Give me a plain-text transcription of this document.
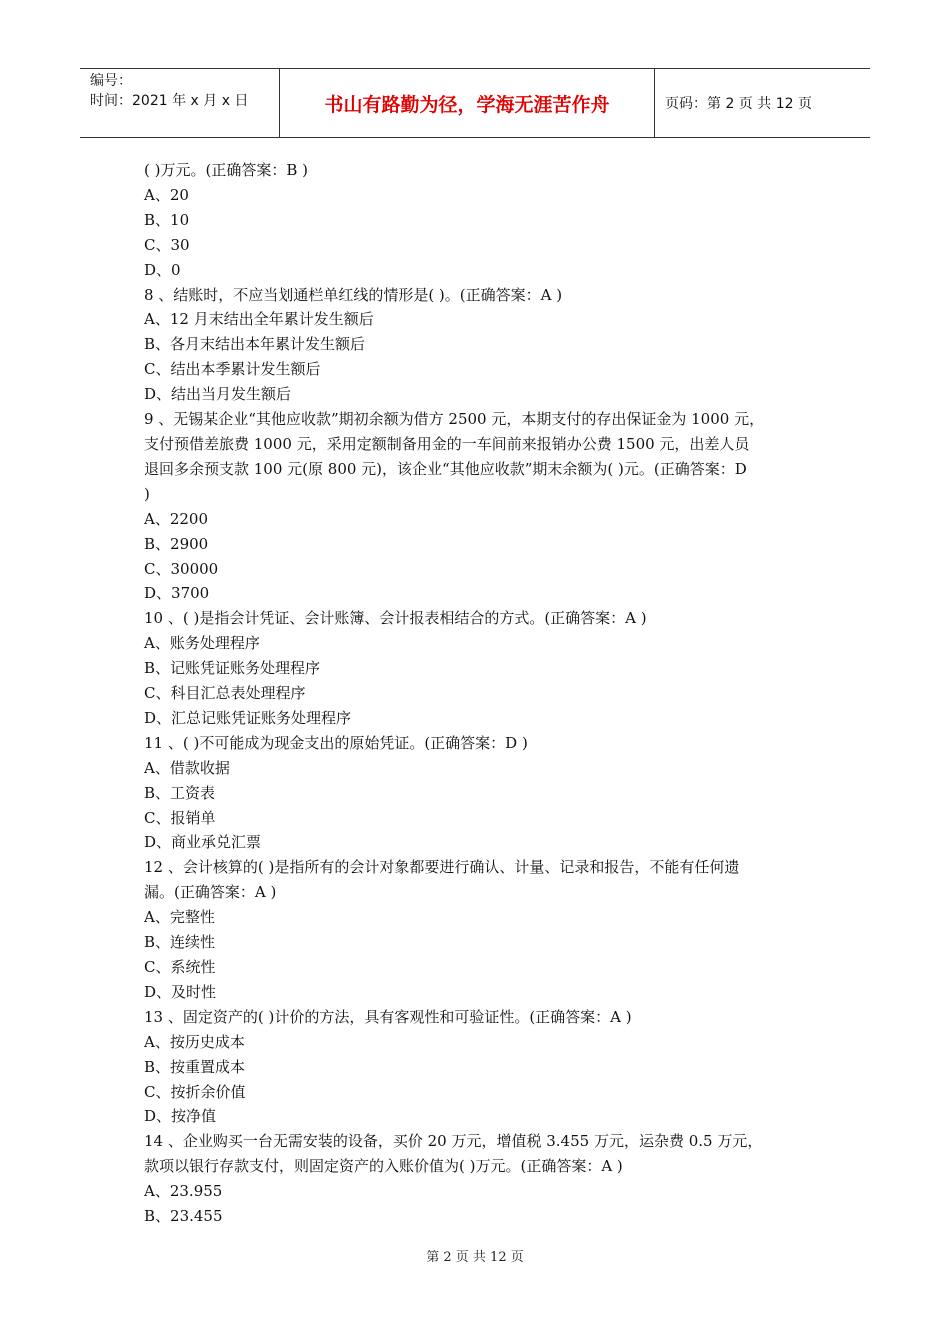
编号：
时间：2021 年 x 月 x 日	书山有路勤为径，学海无涯苦作舟	页码：第 2 页 共 12 页

( )万元。(正确答案：B )

A、20

B、10

C、30

D、0

8 、结账时，不应当划通栏单红线的情形是( )。(正确答案：A )

A、12 月末结出全年累计发生额后

B、各月末结出本年累计发生额后

C、结出本季累计发生额后

D、结出当月发生额后

9 、无锡某企业“其他应收款”期初余额为借方 2500 元，本期支付的存出保证金为 1000 元，

支付预借差旅费 1000 元，采用定额制备用金的一车间前来报销办公费 1500 元，出差人员

退回多余预支款 100 元(原 800 元)，该企业“其他应收款”期末余额为( )元。(正确答案：D

)

A、2200

B、2900

C、30000

D、3700

10 、( )是指会计凭证、会计账簿、会计报表相结合的方式。(正确答案：A )

A、账务处理程序

B、记账凭证账务处理程序

C、科目汇总表处理程序

D、汇总记账凭证账务处理程序

11 、( )不可能成为现金支出的原始凭证。(正确答案：D )

A、借款收据

B、工资表

C、报销单

D、商业承兑汇票

12 、会计核算的( )是指所有的会计对象都要进行确认、计量、记录和报告，不能有任何遗

漏。(正确答案：A )

A、完整性

B、连续性

C、系统性

D、及时性

13 、固定资产的( )计价的方法，具有客观性和可验证性。(正确答案：A )

A、按历史成本

B、按重置成本

C、按折余价值

D、按净值

14 、企业购买一台无需安装的设备，买价 20 万元，增值税 3.455 万元，运杂费 0.5 万元，

款项以银行存款支付，则固定资产的入账价值为( )万元。(正确答案：A )

A、23.955

B、23.455

第 2 页 共 12 页
